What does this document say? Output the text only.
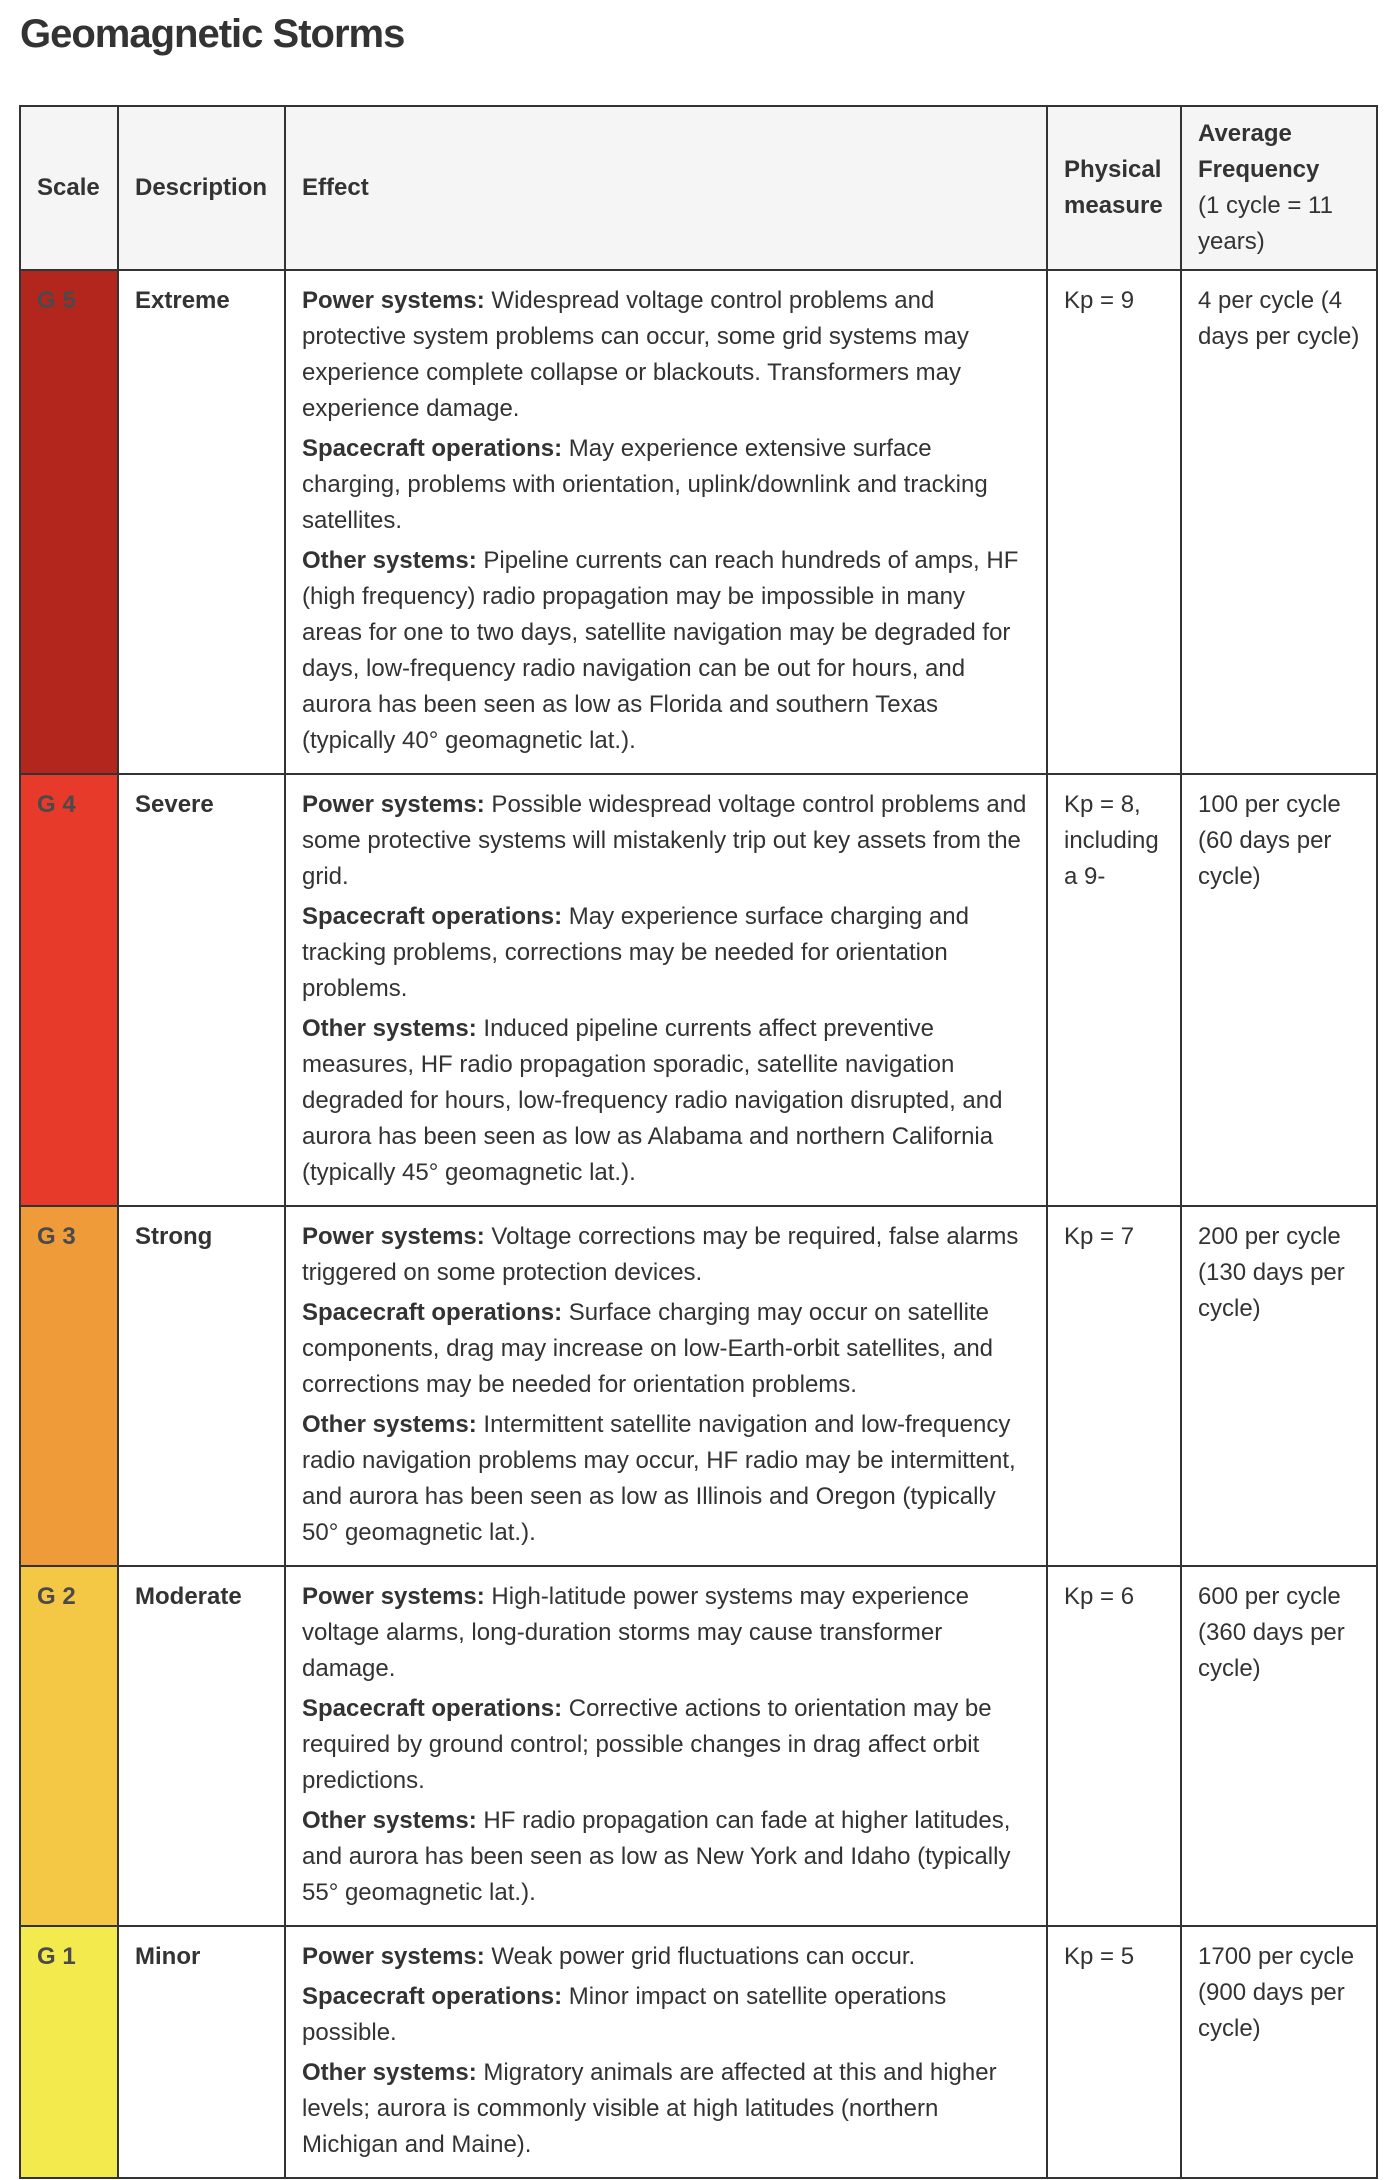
Geomagnetic Storms
Scale	Description	Effect	Physical measure	Average Frequency
(1 cycle = 11 years)

G 5	Extreme	Power systems: Widespread voltage control problems and protective system problems can occur, some grid systems may experience complete collapse or blackouts. Transformers may experience damage.
Spacecraft operations: May experience extensive surface charging, problems with orientation, uplink/downlink and tracking satellites.
Other systems: Pipeline currents can reach hundreds of amps, HF (high frequency) radio propagation may be impossible in many areas for one to two days, satellite navigation may be degraded for days, low-frequency radio navigation can be out for hours, and aurora has been seen as low as Florida and southern Texas (typically 40° geomagnetic lat.).	Kp = 9	4 per cycle (4 days per cycle)
G 4	Severe	Power systems: Possible widespread voltage control problems and some protective systems will mistakenly trip out key assets from the grid.
Spacecraft operations: May experience surface charging and tracking problems, corrections may be needed for orientation problems.
Other systems: Induced pipeline currents affect preventive measures, HF radio propagation sporadic, satellite navigation degraded for hours, low-frequency radio navigation disrupted, and aurora has been seen as low as Alabama and northern California (typically 45° geomagnetic lat.).	Kp = 8, including a 9-	100 per cycle (60 days per cycle)
G 3	Strong	Power systems: Voltage corrections may be required, false alarms triggered on some protection devices.
Spacecraft operations: Surface charging may occur on satellite components, drag may increase on low-Earth-orbit satellites, and corrections may be needed for orientation problems.
Other systems: Intermittent satellite navigation and low-frequency radio navigation problems may occur, HF radio may be intermittent, and aurora has been seen as low as Illinois and Oregon (typically 50° geomagnetic lat.).	Kp = 7	200 per cycle (130 days per cycle)
G 2	Moderate	Power systems: High-latitude power systems may experience voltage alarms, long-duration storms may cause transformer damage.
Spacecraft operations: Corrective actions to orientation may be required by ground control; possible changes in drag affect orbit predictions.
Other systems: HF radio propagation can fade at higher latitudes, and aurora has been seen as low as New York and Idaho (typically 55° geomagnetic lat.).	Kp = 6	600 per cycle (360 days per cycle)
G 1	Minor	Power systems: Weak power grid fluctuations can occur.
Spacecraft operations: Minor impact on satellite operations possible.
Other systems: Migratory animals are affected at this and higher levels; aurora is commonly visible at high latitudes (northern Michigan and Maine).	Kp = 5	1700 per cycle (900 days per cycle)
